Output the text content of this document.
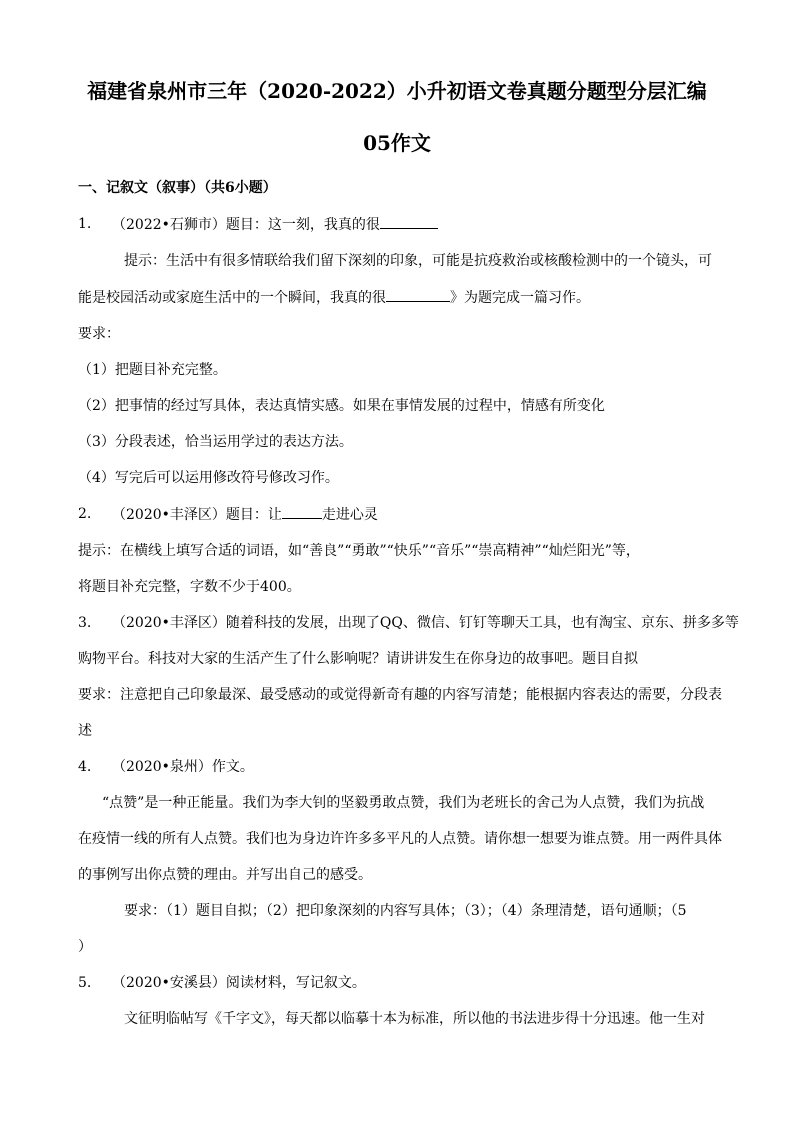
福建省泉州市三年（2020-2022）小升初语文卷真题分题型分层汇编
05作文
一、记叙文（叙事）（共6小题）
1.	（2022•石狮市）题目：这一刻，我真的很
提示：生活中有很多情联给我们留下深刻的印象，可能是抗疫救治或核酸检测中的一个镜头，可
能是校园活动或家庭生活中的一个瞬间，我真的很	》为题完成一篇习作。
要求：
（1）把题目补充完整。
（2）把事情的经过写具体，表达真情实感。如果在事情发展的过程中，情感有所变化
（3）分段表述，恰当运用学过的表达方法。
（4）写完后可以运用修改符号修改习作。
2.	（2020•丰泽区）题目：让	走进心灵
提示：在横线上填写合适的词语，如“善良”“勇敢”“快乐”“音乐”“崇高精神”“灿烂阳光”等，
将题目补充完整，字数不少于400。
3.	（2020•丰泽区）随着科技的发展，出现了QQ、微信、钉钉等聊天工具，也有淘宝、京东、拼多多等
购物平台。科技对大家的生活产生了什么影响呢？请讲讲发生在你身边的故事吧。题目自拟
要求：注意把自己印象最深、最受感动的或觉得新奇有趣的内容写清楚；能根据内容表达的需要，分段表
述
4.	（2020•泉州）作文。
“点赞”是一种正能量。我们为李大钊的坚毅勇敢点赞，我们为老班长的舍己为人点赞，我们为抗战
在疫情一线的所有人点赞。我们也为身边许许多多平凡的人点赞。请你想一想要为谁点赞。用一两件具体
的事例写出你点赞的理由。并写出自己的感受。
要求：（1）题目自拟；（2）把印象深刻的内容写具体；（3）；（4）条理清楚，语句通顺；（5
）
5.	（2020•安溪县）阅读材料，写记叙文。
文征明临帖写《千字文》，每天都以临摹十本为标准，所以他的书法进步得十分迅速。他一生对
